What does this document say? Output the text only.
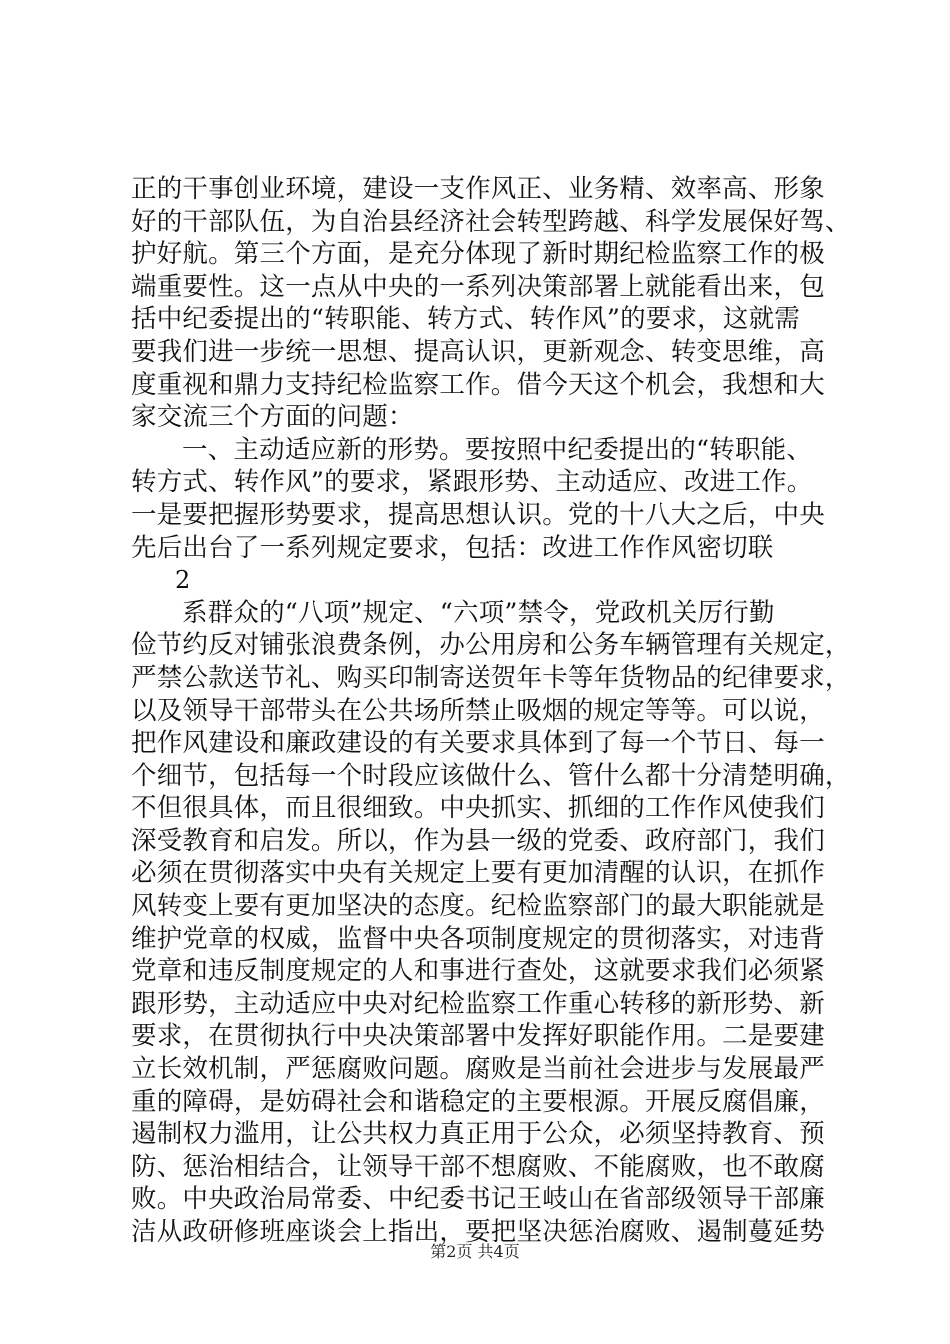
正的干事创业环境，建设一支作风正、业务精、效率高、形象
好的干部队伍，为自治县经济社会转型跨越、科学发展保好驾、
护好航。第三个方面，是充分体现了新时期纪检监察工作的极
端重要性。这一点从中央的一系列决策部署上就能看出来，包
括中纪委提出的“转职能、转方式、转作风”的要求，这就需
要我们进一步统一思想、提高认识，更新观念、转变思维，高
度重视和鼎力支持纪检监察工作。借今天这个机会，我想和大
家交流三个方面的问题：
一、主动适应新的形势。要按照中纪委提出的“转职能、
转方式、转作风”的要求，紧跟形势、主动适应、改进工作。
一是要把握形势要求，提高思想认识。党的十八大之后，中央
先后出台了一系列规定要求，包括：改进工作作风密切联
2
系群众的“八项”规定、“六项”禁令，党政机关厉行勤
俭节约反对铺张浪费条例，办公用房和公务车辆管理有关规定，
严禁公款送节礼、购买印制寄送贺年卡等年货物品的纪律要求，
以及领导干部带头在公共场所禁止吸烟的规定等等。可以说，
把作风建设和廉政建设的有关要求具体到了每一个节日、每一
个细节，包括每一个时段应该做什么、管什么都十分清楚明确，
不但很具体，而且很细致。中央抓实、抓细的工作作风使我们
深受教育和启发。所以，作为县一级的党委、政府部门，我们
必须在贯彻落实中央有关规定上要有更加清醒的认识，在抓作
风转变上要有更加坚决的态度。纪检监察部门的最大职能就是
维护党章的权威，监督中央各项制度规定的贯彻落实，对违背
党章和违反制度规定的人和事进行查处，这就要求我们必须紧
跟形势，主动适应中央对纪检监察工作重心转移的新形势、新
要求，在贯彻执行中央决策部署中发挥好职能作用。二是要建
立长效机制，严惩腐败问题。腐败是当前社会进步与发展最严
重的障碍，是妨碍社会和谐稳定的主要根源。开展反腐倡廉，
遏制权力滥用，让公共权力真正用于公众，必须坚持教育、预
防、惩治相结合，让领导干部不想腐败、不能腐败，也不敢腐
败。中央政治局常委、中纪委书记王岐山在省部级领导干部廉
洁从政研修班座谈会上指出，要把坚决惩治腐败、遏制蔓延势
第2页 共4页
